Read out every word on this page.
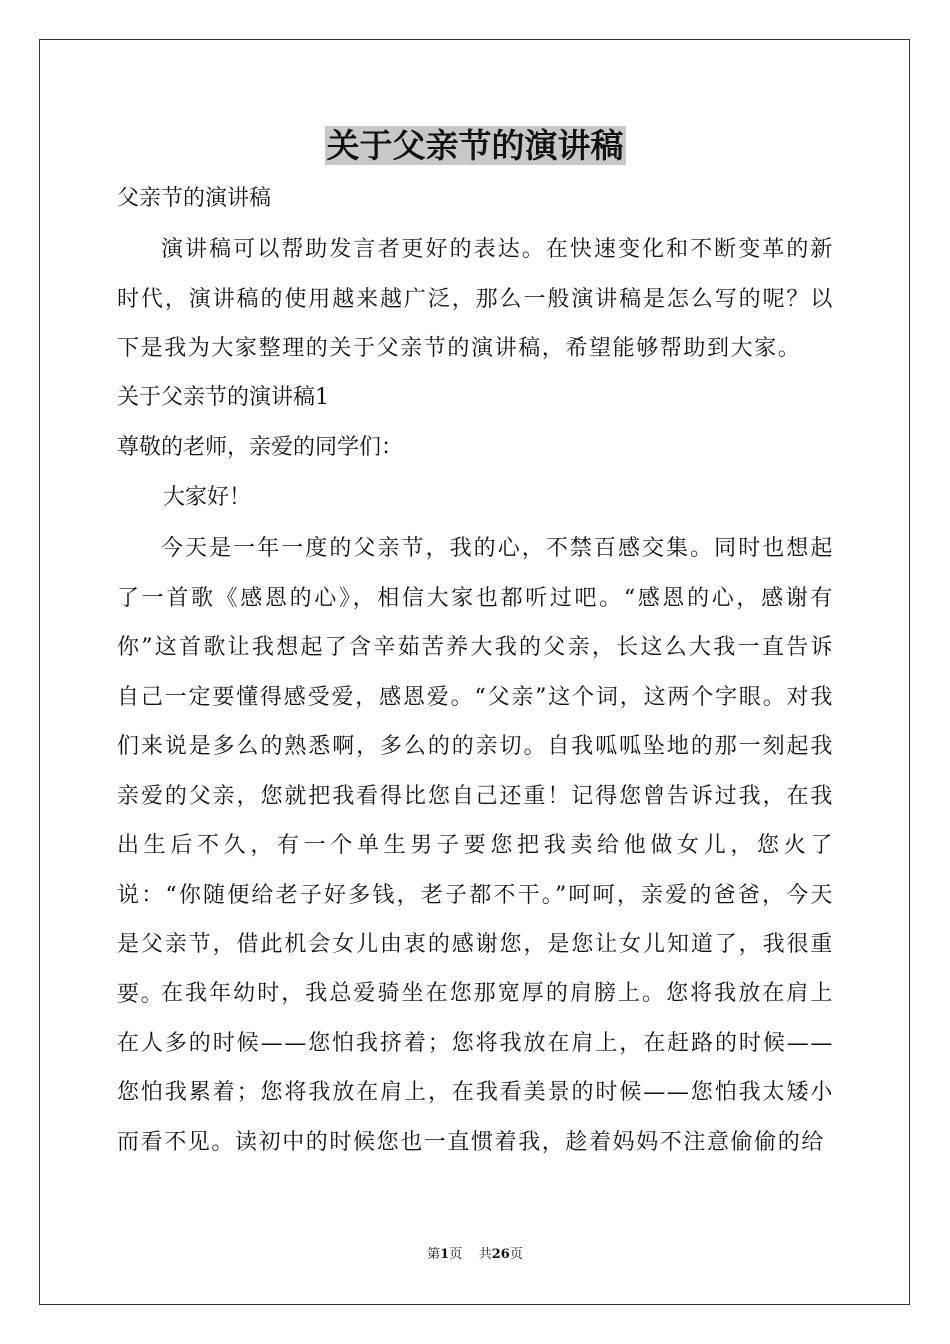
关于父亲节的演讲稿
父亲节的演讲稿
演讲稿可以帮助发言者更好的表达。在快速变化和不断变革的新时代，演讲稿的使用越来越广泛，那么一般演讲稿是怎么写的呢？以下是我为大家整理的关于父亲节的演讲稿，希望能够帮助到大家。
关于父亲节的演讲稿1
尊敬的老师，亲爱的同学们：
大家好！
今天是一年一度的父亲节，我的心，不禁百感交集。同时也想起了一首歌《感恩的心》，相信大家也都听过吧。“感恩的心，感谢有你”这首歌让我想起了含辛茹苦养大我的父亲，长这么大我一直告诉自己一定要懂得感受爱，感恩爱。“父亲”这个词，这两个字眼。对我们来说是多么的熟悉啊，多么的的亲切。自我呱呱坠地的那一刻起我亲爱的父亲，您就把我看得比您自己还重！记得您曾告诉过我，在我出生后不久，有一个单生男子要您把我卖给他做女儿，您火了说：“你随便给老子好多钱，老子都不干。”呵呵，亲爱的爸爸，今天是父亲节，借此机会女儿由衷的感谢您，是您让女儿知道了，我很重要。
在我年幼时，我总爱骑坐在您那宽厚的肩膀上。您将我放在肩上在人多的时候——您怕我挤着；您将我放在肩上，在赶路的时候——您怕我累着；您将我放在肩上，在我看美景的时候——您怕我太矮小而看不见。读初中的时候您也一直惯着我，趁着妈妈不注意偷偷的给
第1页 共26页
